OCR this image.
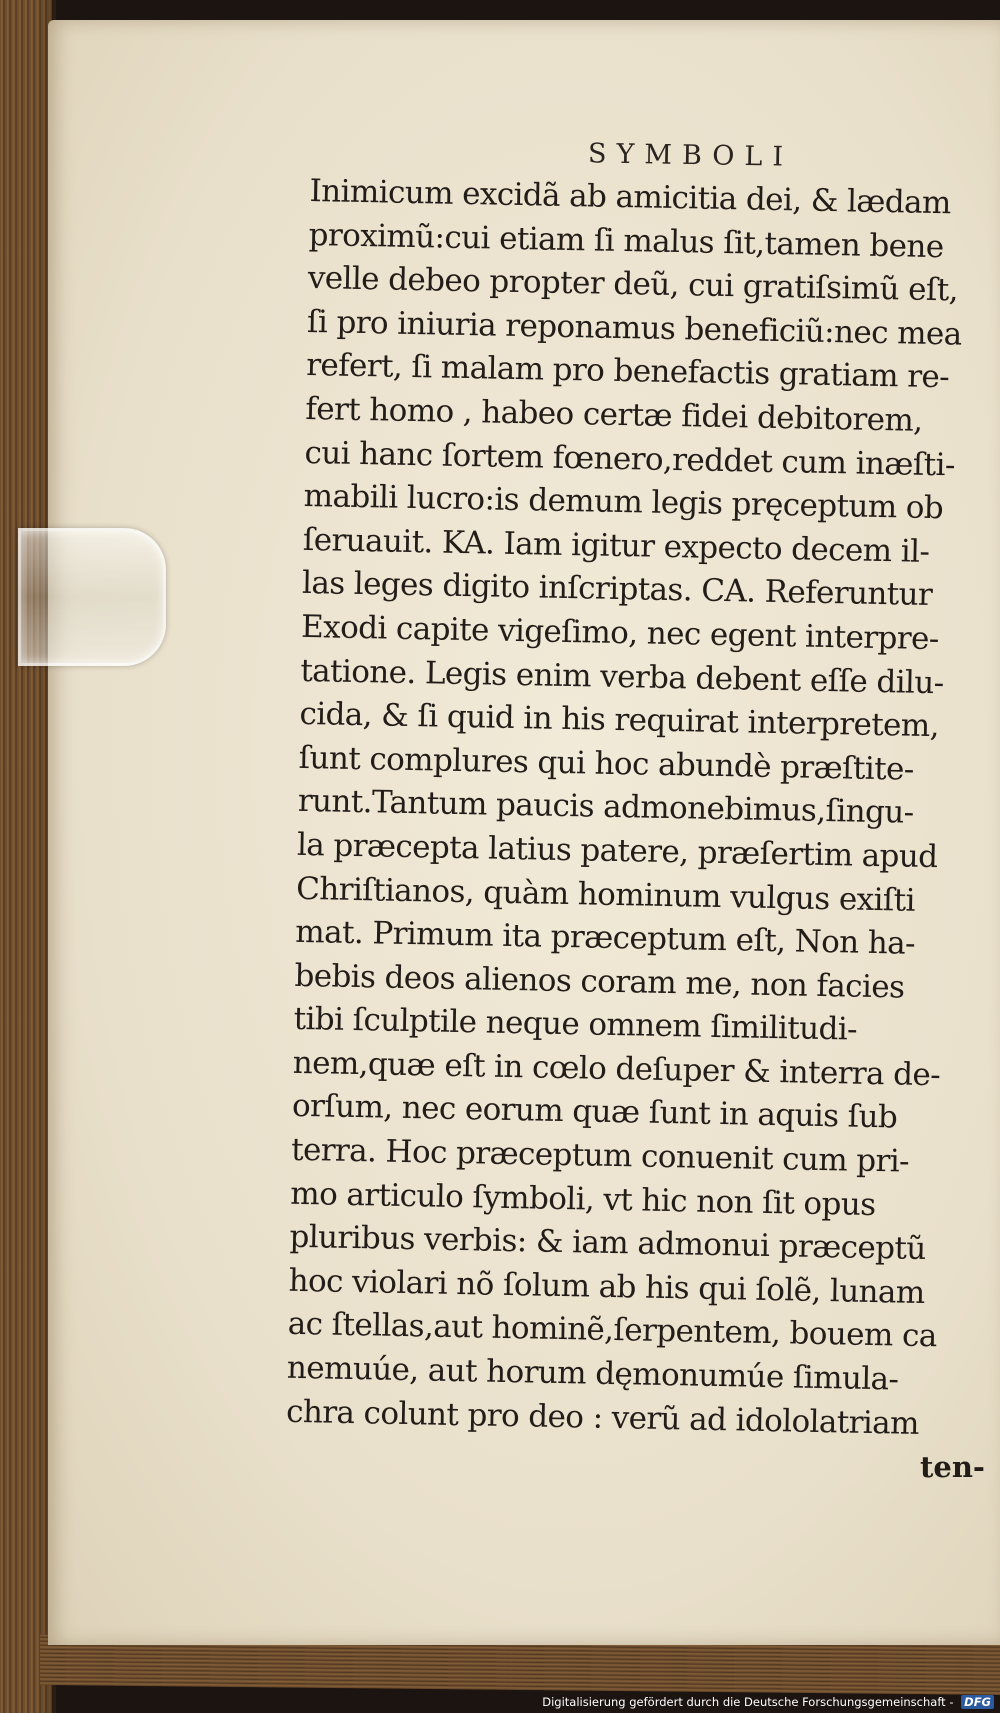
SYMBOLI

Inimicum excidã ab amicitia dei, & lædam
proximũ:cui etiam ſi malus ſit,tamen bene
velle debeo propter deũ, cui gratiſsimũ eſt,
ſi pro iniuria reponamus beneficiũ:nec mea
refert, ſi malam pro benefactis gratiam re-
fert homo , habeo certæ fidei debitorem,
cui hanc ſortem fœnero,reddet cum inæſti-
mabili lucro:is demum legis pręceptum ob
ſeruauit. KA. Iam igitur expecto decem il-
las leges digito inſcriptas. CA. Referuntur
Exodi capite vigeſimo, nec egent interpre-
tatione. Legis enim verba debent eſſe dilu-
cida, & ſi quid in his requirat interpretem,
ſunt complures qui hoc abundè præſtite-
runt.Tantum paucis admonebimus,ſingu-
la præcepta latius patere, præſertim apud
Chriſtianos, quàm hominum vulgus exiſti
mat. Primum ita præceptum eſt, Non ha-
bebis deos alienos coram me, non facies
tibi ſculptile neque omnem ſimilitudi-
nem,quæ eſt in cœlo deſuper & interra de-
orſum, nec eorum quæ ſunt in aquis ſub
terra. Hoc præceptum conuenit cum pri-
mo articulo ſymboli, vt hic non ſit opus
pluribus verbis: & iam admonui præceptũ
hoc violari nõ ſolum ab his qui ſolẽ, lunam
ac ſtellas,aut hominẽ,ſerpentem, bouem ca
nemuúe, aut horum dęmonumúe ſimula-
chra colunt pro deo : verũ ad idololatriam

ten-

Digitalisierung gefördert durch die Deutsche Forschungsgemeinschaft - DFG
